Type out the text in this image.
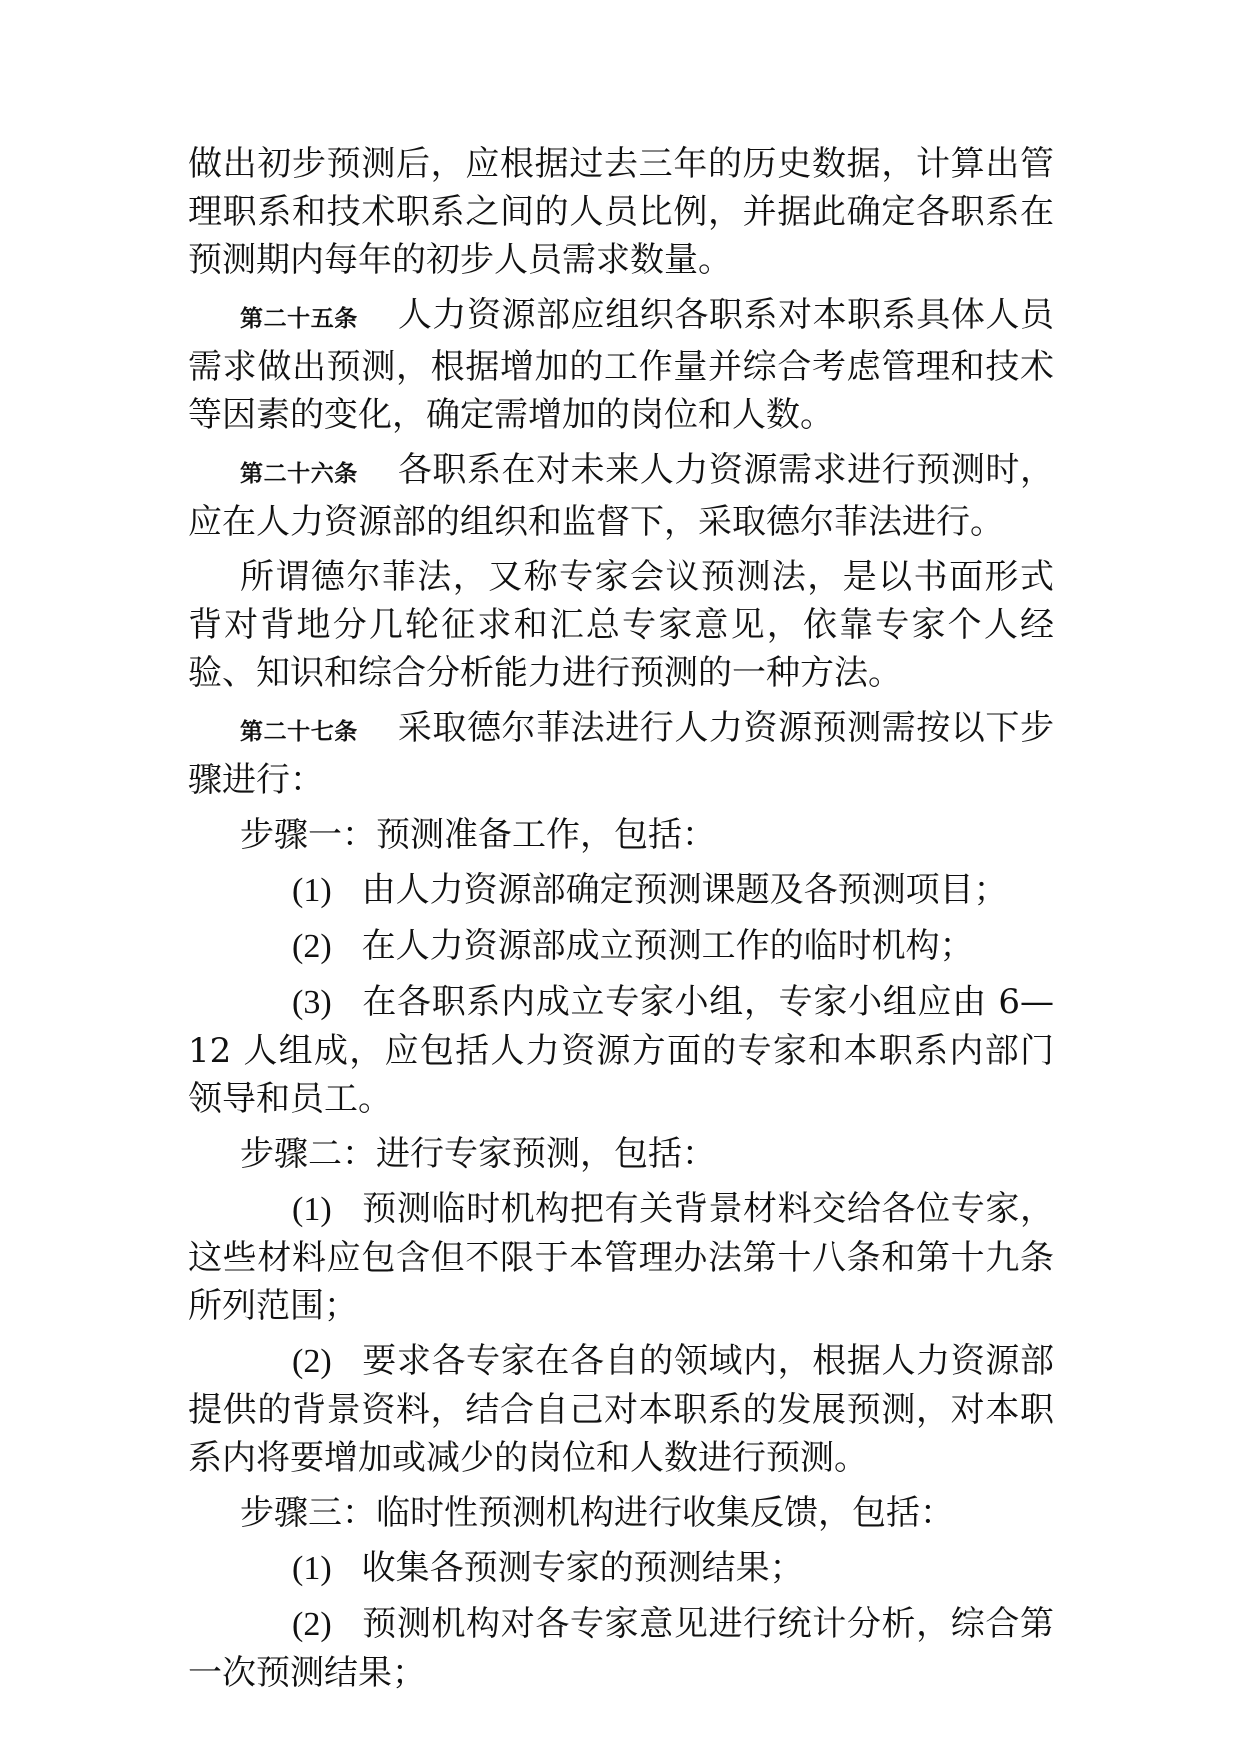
做出初步预测后，应根据过去三年的历史数据，计算出管理职系和技术职系之间的人员比例，并据此确定各职系在预测期内每年的初步人员需求数量。

第二十五条 人力资源部应组织各职系对本职系具体人员需求做出预测，根据增加的工作量并综合考虑管理和技术等因素的变化，确定需增加的岗位和人数。

第二十六条 各职系在对未来人力资源需求进行预测时，应在人力资源部的组织和监督下，采取德尔菲法进行。

所谓德尔菲法，又称专家会议预测法，是以书面形式背对背地分几轮征求和汇总专家意见，依靠专家个人经验、知识和综合分析能力进行预测的一种方法。

第二十七条 采取德尔菲法进行人力资源预测需按以下步骤进行：

步骤一：预测准备工作，包括：

(1) 由人力资源部确定预测课题及各预测项目；

(2) 在人力资源部成立预测工作的临时机构；

(3) 在各职系内成立专家小组，专家小组应由 6—12 人组成，应包括人力资源方面的专家和本职系内部门领导和员工。

步骤二：进行专家预测，包括：

(1) 预测临时机构把有关背景材料交给各位专家，这些材料应包含但不限于本管理办法第十八条和第十九条所列范围；

(2) 要求各专家在各自的领域内，根据人力资源部提供的背景资料，结合自己对本职系的发展预测，对本职系内将要增加或减少的岗位和人数进行预测。

步骤三：临时性预测机构进行收集反馈，包括：

(1) 收集各预测专家的预测结果；

(2) 预测机构对各专家意见进行统计分析，综合第一次预测结果；
